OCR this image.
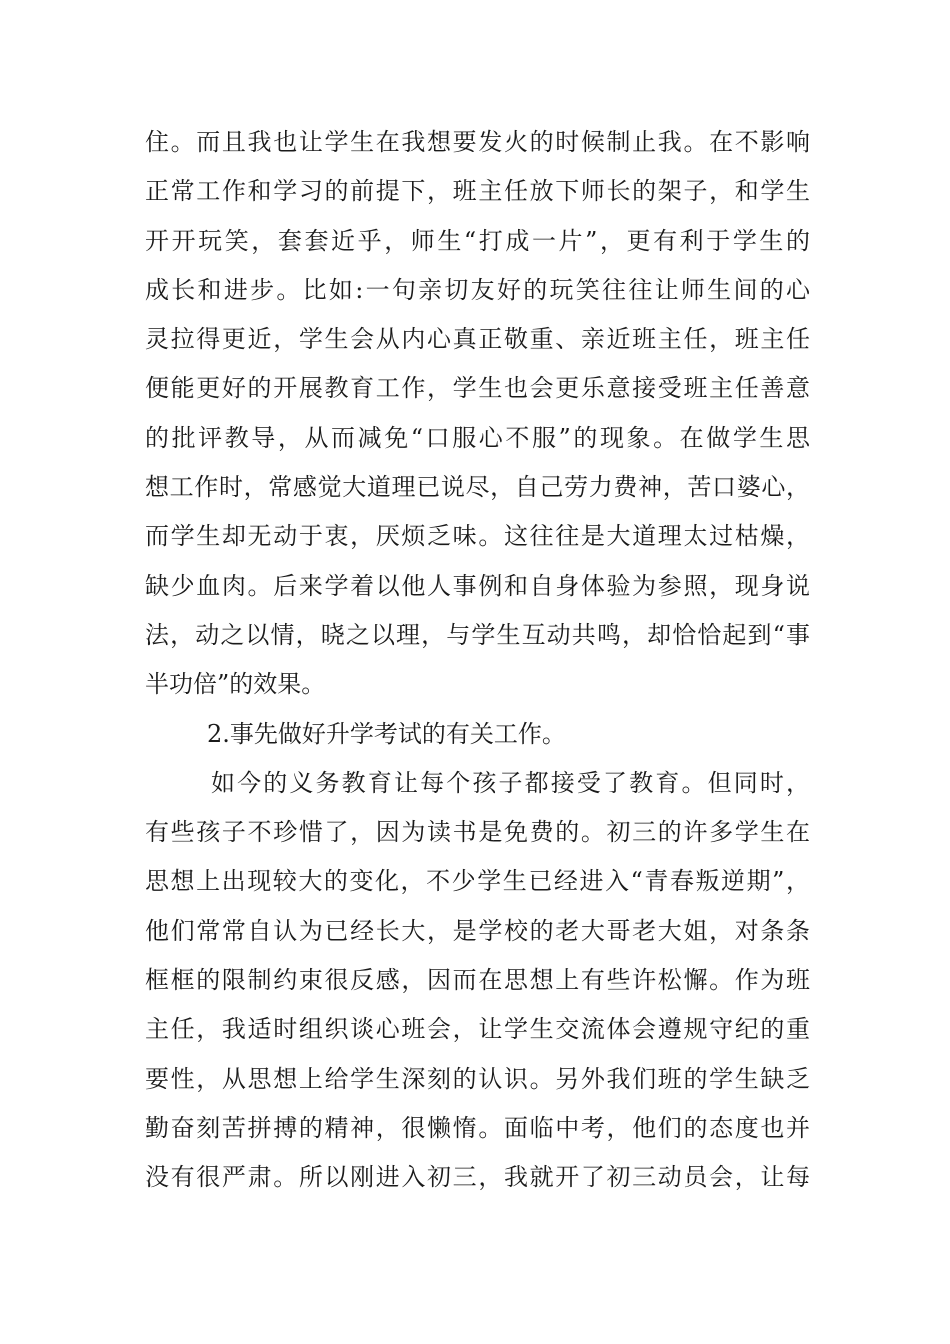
住。而且我也让学生在我想要发火的时候制止我。在不影响
正常工作和学习的前提下，班主任放下师长的架子，和学生
开开玩笑，套套近乎，师生“打成一片”，更有利于学生的
成长和进步。比如:一句亲切友好的玩笑往往让师生间的心
灵拉得更近，学生会从内心真正敬重、亲近班主任，班主任
便能更好的开展教育工作，学生也会更乐意接受班主任善意
的批评教导，从而减免“口服心不服”的现象。在做学生思
想工作时，常感觉大道理已说尽，自己劳力费神，苦口婆心，
而学生却无动于衷，厌烦乏味。这往往是大道理太过枯燥，
缺少血肉。后来学着以他人事例和自身体验为参照，现身说
法，动之以情，晓之以理，与学生互动共鸣，却恰恰起到“事
半功倍”的效果。
2.事先做好升学考试的有关工作。
如今的义务教育让每个孩子都接受了教育。但同时，
有些孩子不珍惜了，因为读书是免费的。初三的许多学生在
思想上出现较大的变化，不少学生已经进入“青春叛逆期”，
他们常常自认为已经长大，是学校的老大哥老大姐，对条条
框框的限制约束很反感，因而在思想上有些许松懈。作为班
主任，我适时组织谈心班会，让学生交流体会遵规守纪的重
要性，从思想上给学生深刻的认识。另外我们班的学生缺乏
勤奋刻苦拼搏的精神，很懒惰。面临中考，他们的态度也并
没有很严肃。所以刚进入初三，我就开了初三动员会，让每
